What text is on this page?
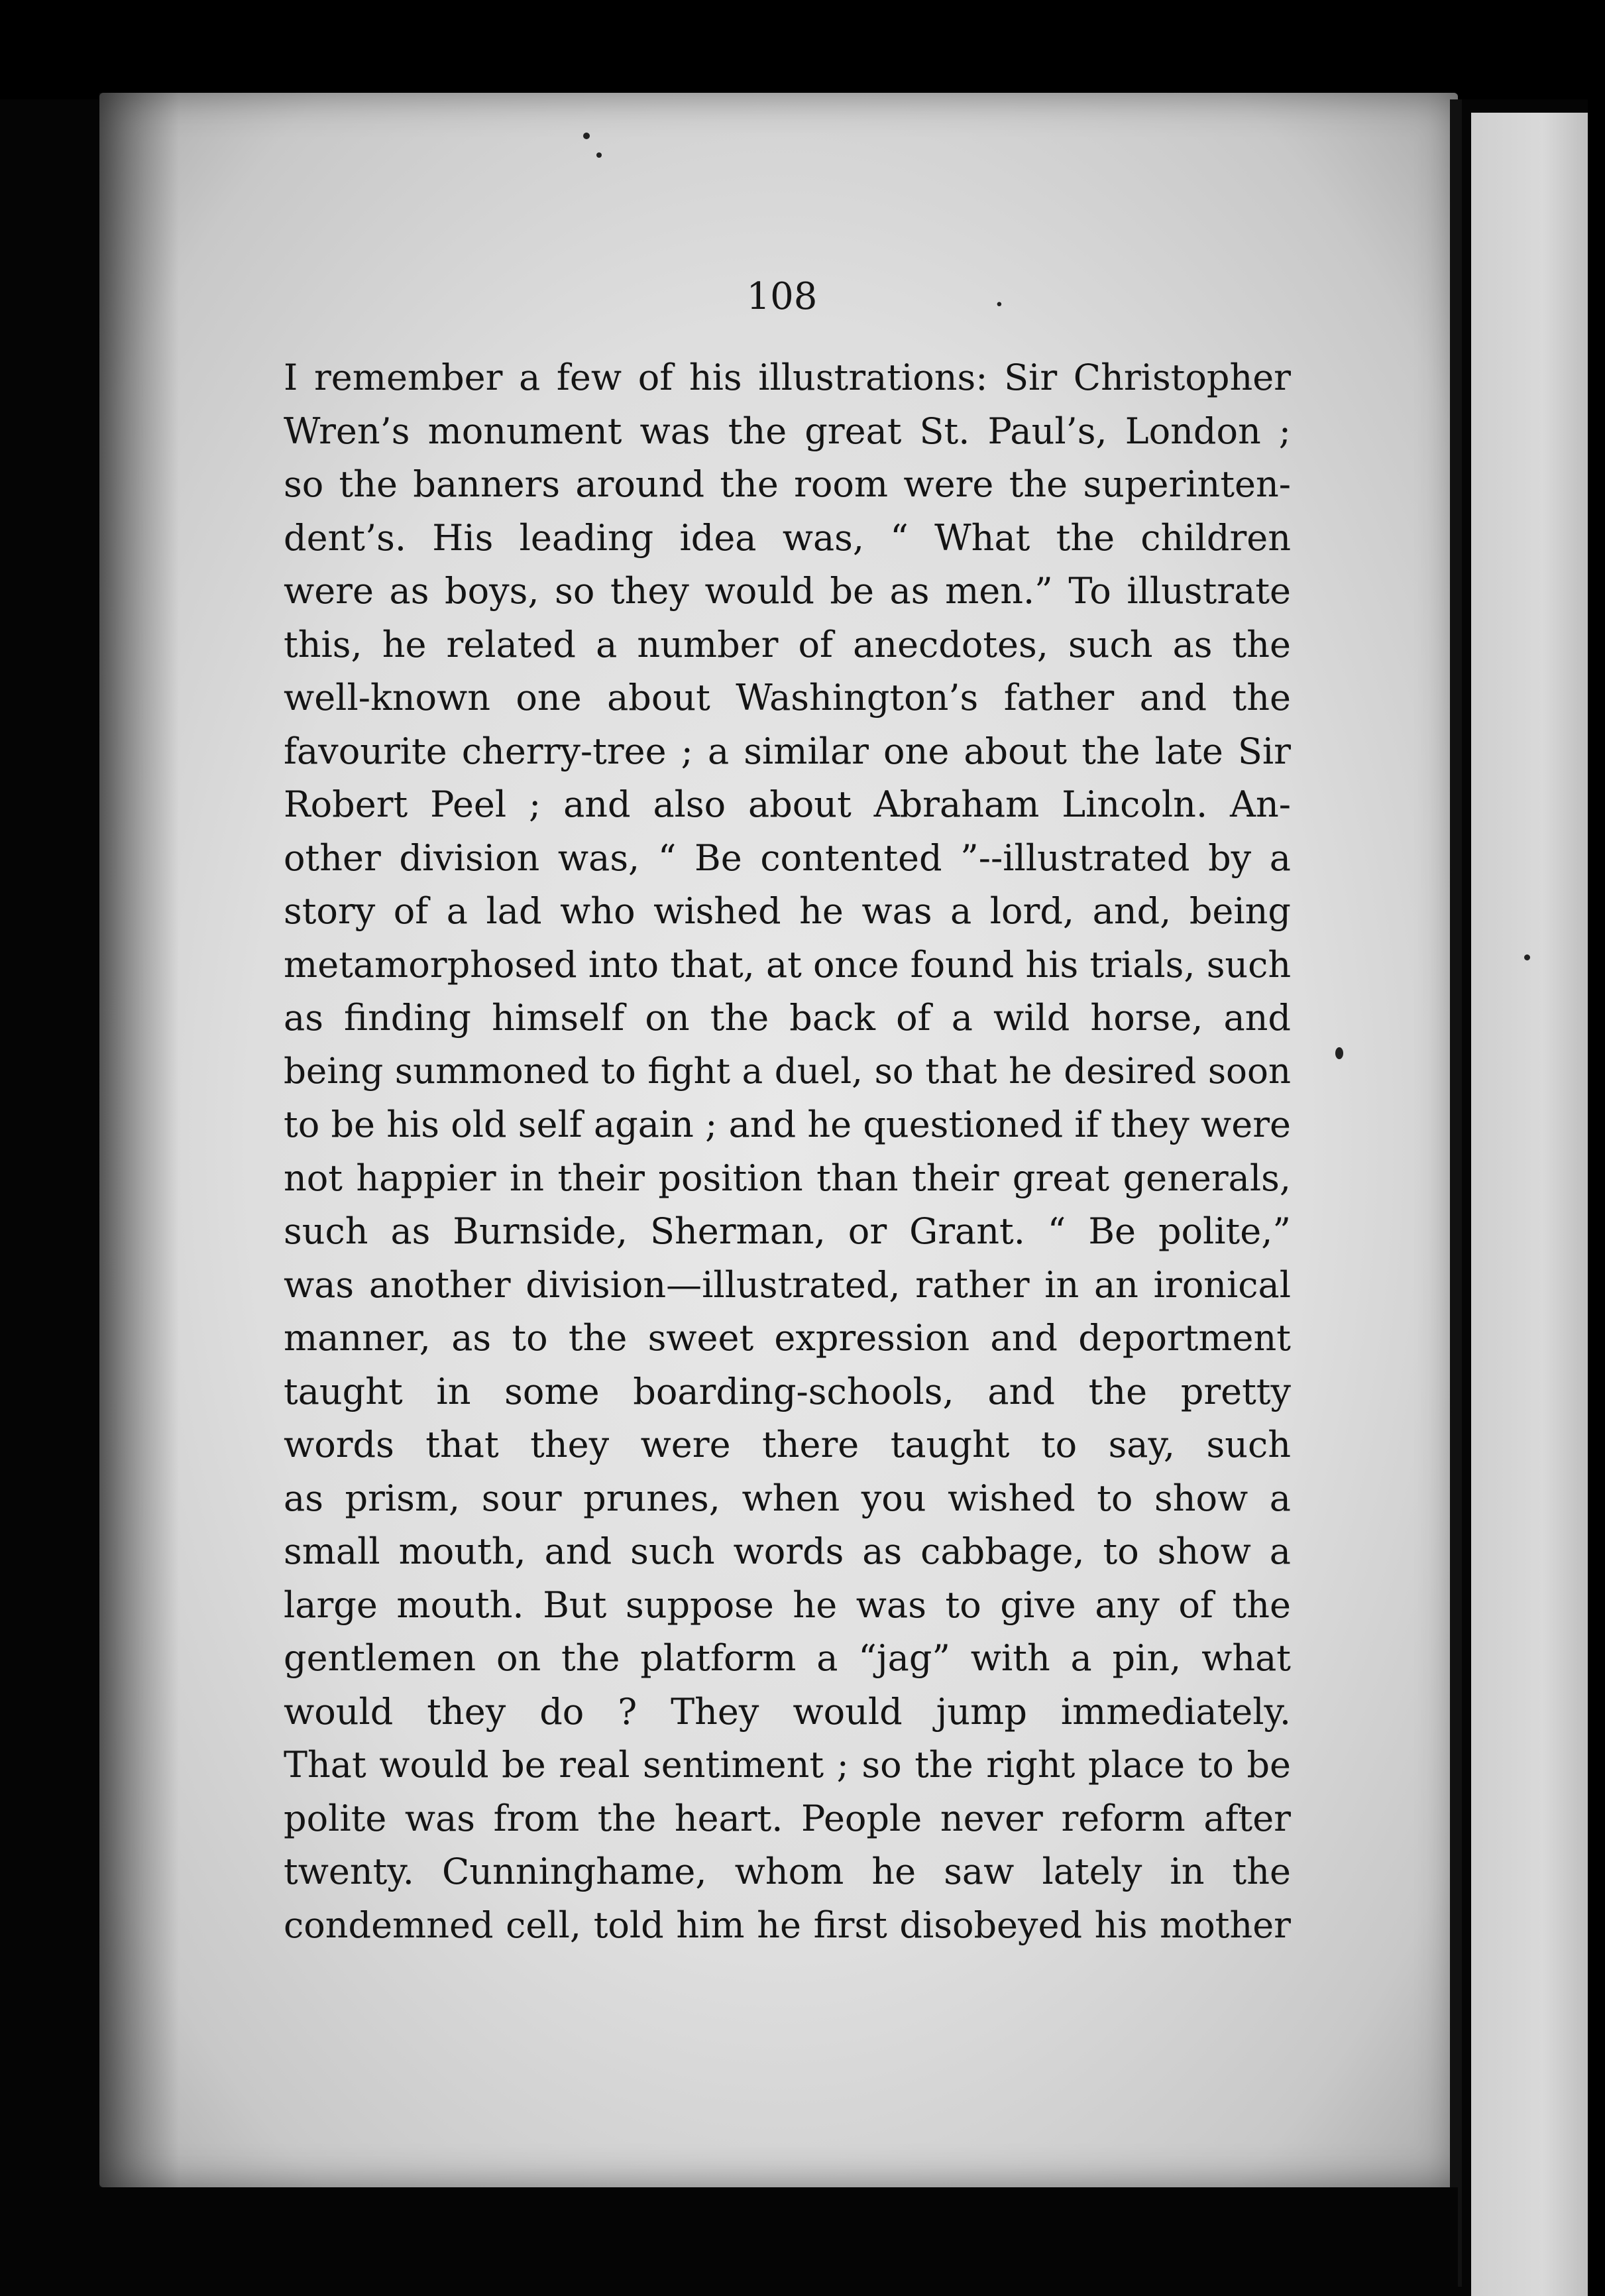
108	·
I remember a few of his illustrations: Sir Christopher
Wren’s monument was the great St. Paul’s, London ;
so the banners around the room were the superinten-
dent’s. His leading idea was, “ What the children
were as boys, so they would be as men.” To illustrate
this, he related a number of anecdotes, such as the
well-known one about Washington’s father and the
favourite cherry-tree ; a similar one about the late Sir
Robert Peel ; and also about Abraham Lincoln. An-
other division was, “ Be contented ”--illustrated by a
story of a lad who wished he was a lord, and, being
metamorphosed into that, at once found his trials, such
as finding himself on the back of a wild horse, and
being summoned to fight a duel, so that he desired soon
to be his old self again ; and he questioned if they were
not happier in their position than their great generals,
such as Burnside, Sherman, or Grant. “ Be polite,”
was another division—illustrated, rather in an ironical
manner, as to the sweet expression and deportment
taught in some boarding-schools, and the pretty
words that they were there taught to say, such
as prism, sour prunes, when you wished to show a
small mouth, and such words as cabbage, to show a
large mouth. But suppose he was to give any of the
gentlemen on the platform a “jag” with a pin, what
would they do ? They would jump immediately.
That would be real sentiment ; so the right place to be
polite was from the heart. People never reform after
twenty. Cunninghame, whom he saw lately in the
condemned cell, told him he first disobeyed his mother
